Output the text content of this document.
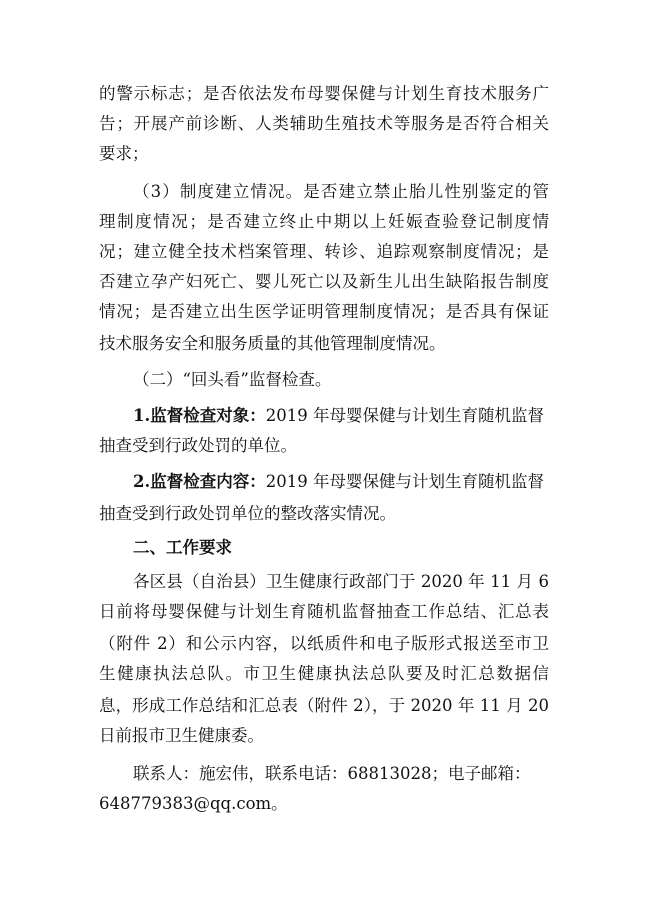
的警示标志；是否依法发布母婴保健与计划生育技术服务广
告；开展产前诊断、人类辅助生殖技术等服务是否符合相关
要求；
（3）制度建立情况。是否建立禁止胎儿性别鉴定的管
理制度情况；是否建立终止中期以上妊娠查验登记制度情
况；建立健全技术档案管理、转诊、追踪观察制度情况；是
否建立孕产妇死亡、婴儿死亡以及新生儿出生缺陷报告制度
情况；是否建立出生医学证明管理制度情况；是否具有保证
技术服务安全和服务质量的其他管理制度情况。
（二）“回头看”监督检查。
1.监督检查对象：2019 年母婴保健与计划生育随机监督
抽查受到行政处罚的单位。
2.监督检查内容：2019 年母婴保健与计划生育随机监督
抽查受到行政处罚单位的整改落实情况。
二、工作要求
各区县（自治县）卫生健康行政部门于 2020 年 11 月 6
日前将母婴保健与计划生育随机监督抽查工作总结、汇总表
（附件 2）和公示内容，以纸质件和电子版形式报送至市卫
生健康执法总队。市卫生健康执法总队要及时汇总数据信
息，形成工作总结和汇总表（附件 2），于 2020 年 11 月 20
日前报市卫生健康委。
联系人：施宏伟，联系电话：68813028；电子邮箱：
648779383@qq.com。
